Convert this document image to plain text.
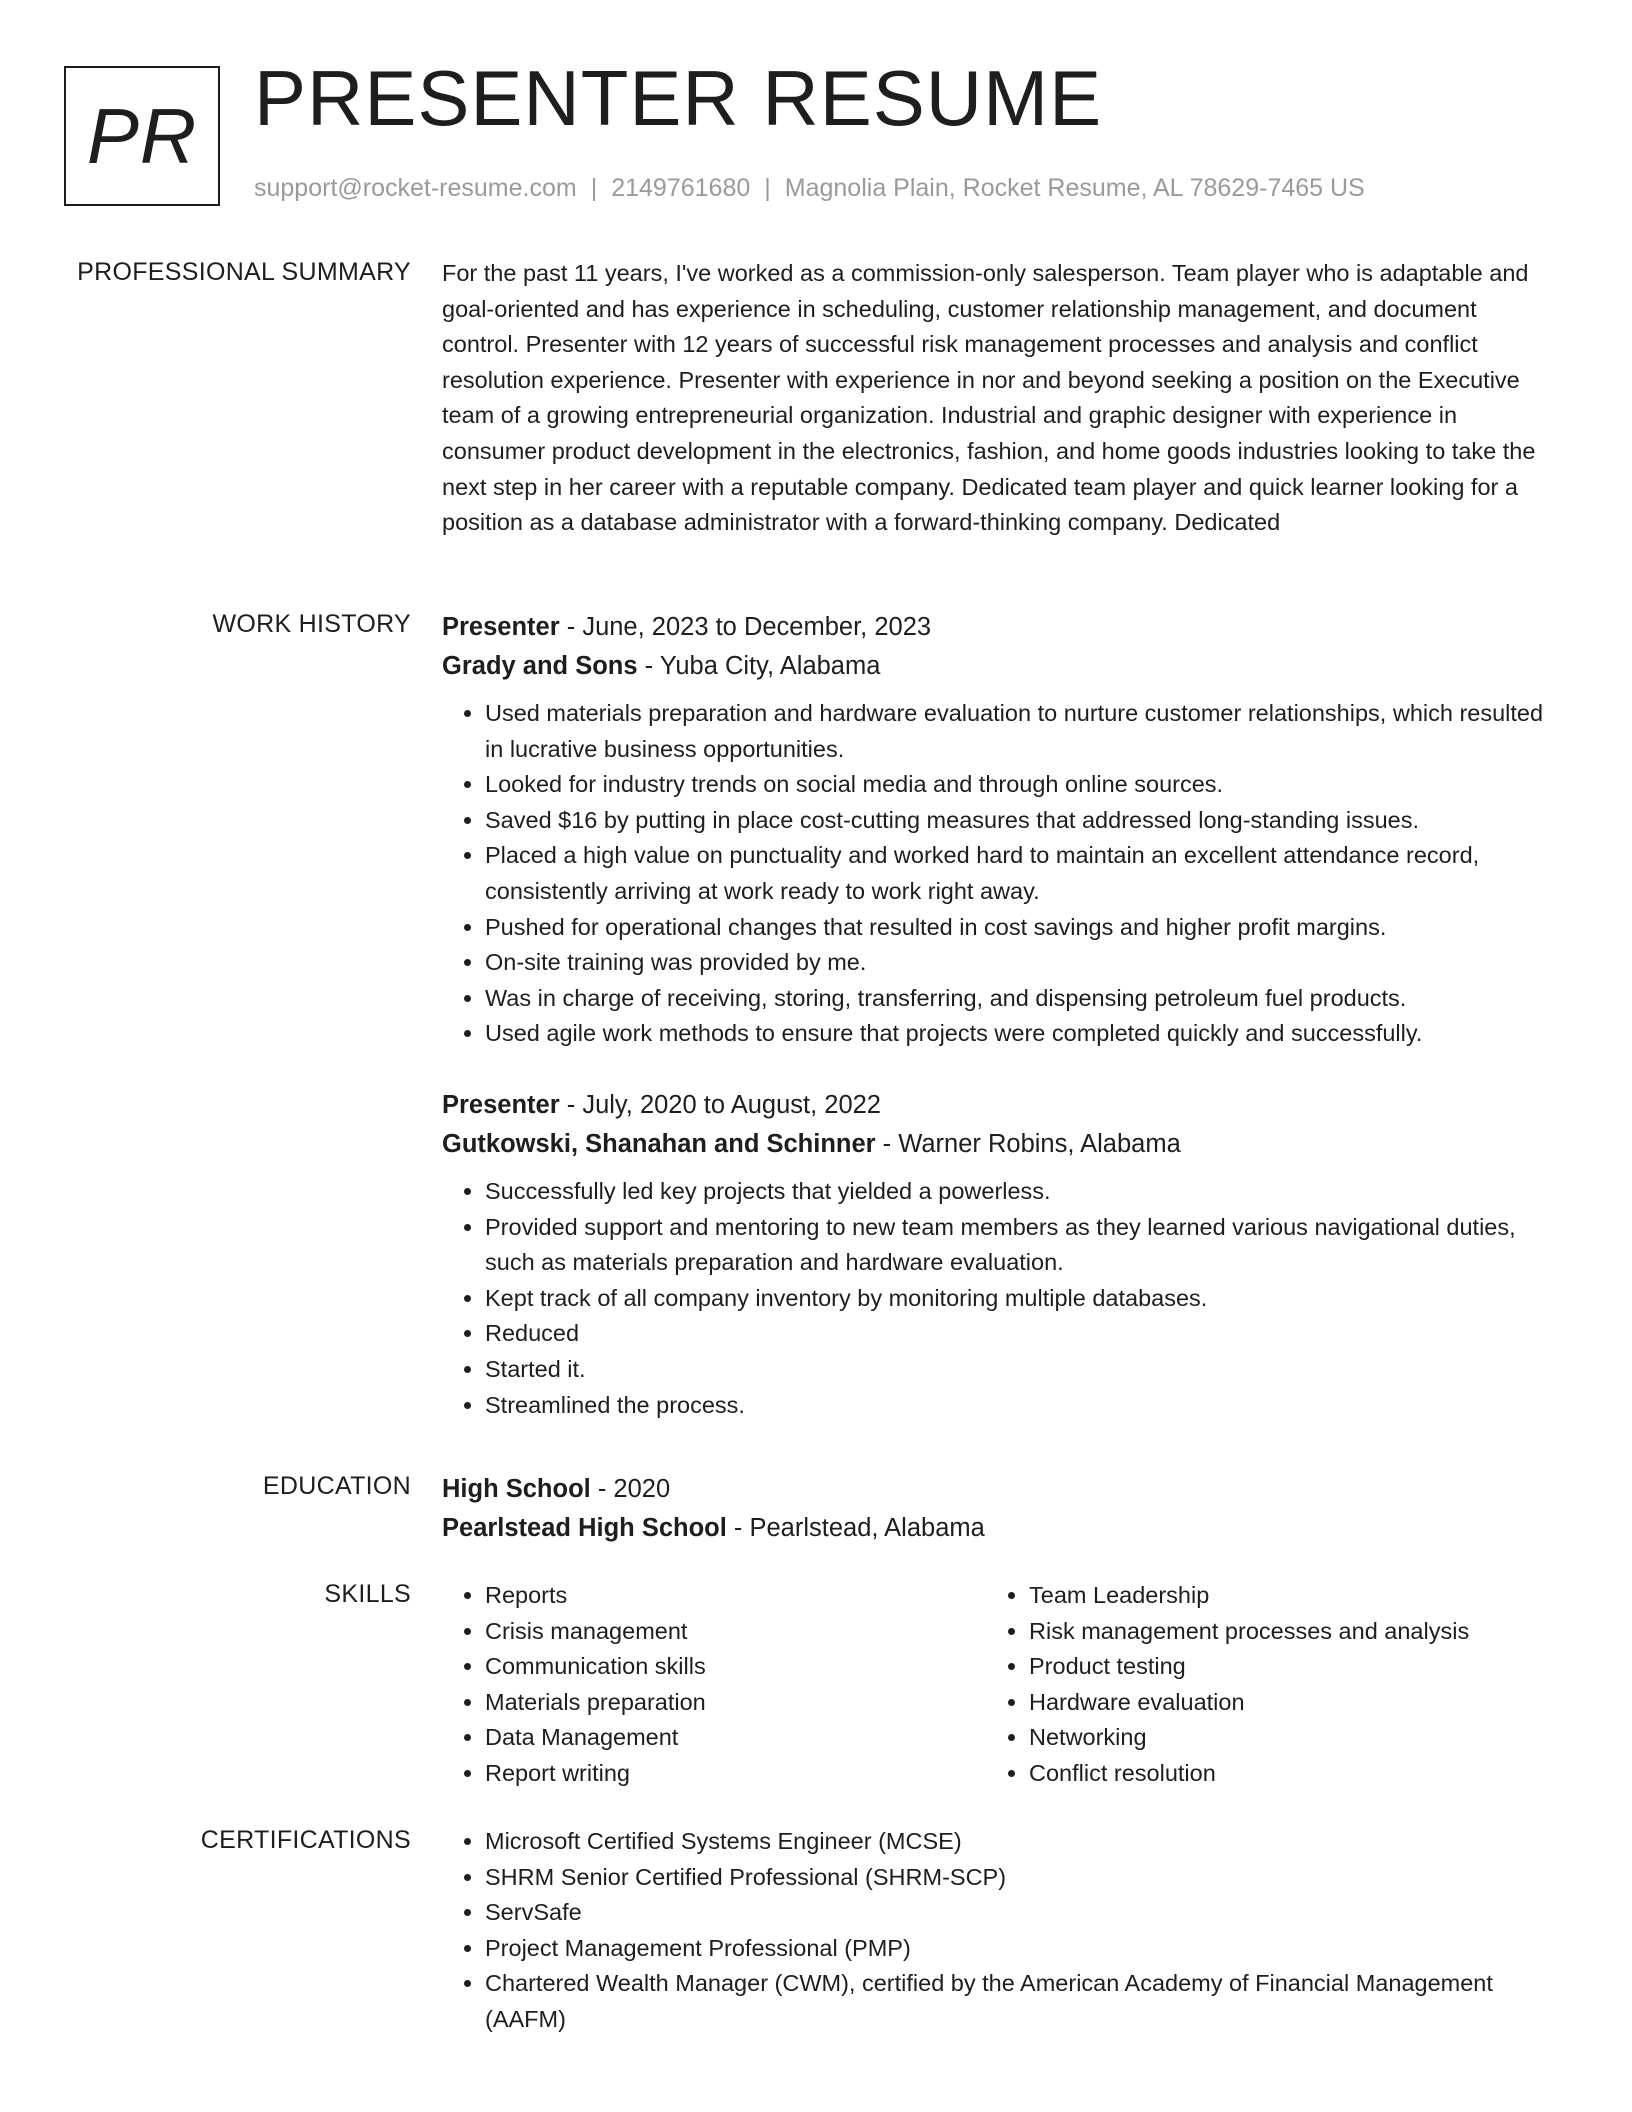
PR PRESENTER RESUME
support@rocket-resume.com | 2149761680 | Magnolia Plain, Rocket Resume, AL 78629-7465 US
PROFESSIONAL SUMMARY For the past 11 years, I've worked as a commission-only salesperson. Team player who is adaptable and goal-oriented and has experience in scheduling, customer relationship management, and document control. Presenter with 12 years of successful risk management processes and analysis and conflict resolution experience. Presenter with experience in nor and beyond seeking a position on the Executive team of a growing entrepreneurial organization. Industrial and graphic designer with experience in consumer product development in the electronics, fashion, and home goods industries looking to take the next step in her career with a reputable company. Dedicated team player and quick learner looking for a position as a database administrator with a forward-thinking company. Dedicated

WORK HISTORY Presenter - June, 2023 to December, 2023

Grady and Sons - Yuba City, Alabama

• Used materials preparation and hardware evaluation to nurture customer relationships, which resulted in lucrative business opportunities.
• Looked for industry trends on social media and through online sources.
• Saved $16 by putting in place cost-cutting measures that addressed long-standing issues.
• Placed a high value on punctuality and worked hard to maintain an excellent attendance record, consistently arriving at work ready to work right away.
• Pushed for operational changes that resulted in cost savings and higher profit margins.
• On-site training was provided by me.
• Was in charge of receiving, storing, transferring, and dispensing petroleum fuel products.
• Used agile work methods to ensure that projects were completed quickly and successfully.

Presenter - July, 2020 to August, 2022

Gutkowski, Shanahan and Schinner - Warner Robins, Alabama

• Successfully led key projects that yielded a powerless.
• Provided support and mentoring to new team members as they learned various navigational duties, such as materials preparation and hardware evaluation.
• Kept track of all company inventory by monitoring multiple databases.
• Reduced
• Started it.
• Streamlined the process.
EDUCATION High School - 2020

Pearlstead High School - Pearlstead, Alabama

SKILLS	• Reports
• Crisis management
• Communication skills
• Materials preparation
• Data Management
• Report writing
• Team Leadership
• Risk management processes and analysis
• Product testing
• Hardware evaluation
• Networking
• Conflict resolution
CERTIFICATIONS	• Microsoft Certified Systems Engineer (MCSE)
• SHRM Senior Certified Professional (SHRM-SCP)
• ServSafe
• Project Management Professional (PMP)
• Chartered Wealth Manager (CWM), certified by the American Academy of Financial Management (AAFM)
